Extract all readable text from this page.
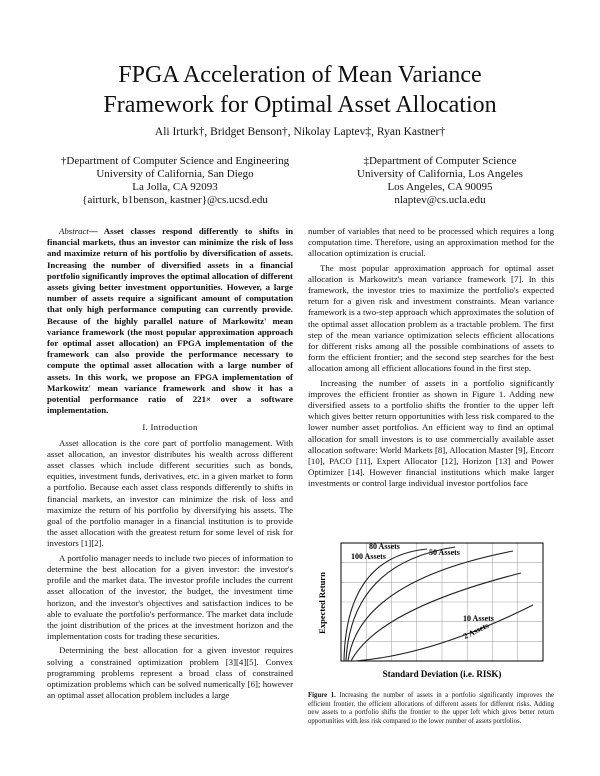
FPGA Acceleration of Mean Variance
Framework for Optimal Asset Allocation
Ali Irturk†, Bridget Benson†, Nikolay Laptev‡, Ryan Kastner†
†Department of Computer Science and Engineering
University of California, San Diego
La Jolla, CA 92093
{airturk, b1benson, kastner}@cs.ucsd.edu
‡Department of Computer Science
University of California, Los Angeles
Los Angeles, CA 90095
nlaptev@cs.ucla.edu

Abstract— Asset classes respond differently to shifts in financial markets, thus an investor can minimize the risk of loss and maximize return of his portfolio by diversification of assets. Increasing the number of diversified assets in a financial portfolio significantly improves the optimal allocation of different assets giving better investment opportunities. However, a large number of assets require a significant amount of computation that only high performance computing can currently provide. Because of the highly parallel nature of Markowitz' mean variance framework (the most popular approximation approach for optimal asset allocation) an FPGA implementation of the framework can also provide the performance necessary to compute the optimal asset allocation with a large number of assets. In this work, we propose an FPGA implementation of Markowitz' mean variance framework and show it has a potential performance ratio of 221× over a software implementation.

I. Introduction

Asset allocation is the core part of portfolio management. With asset allocation, an investor distributes his wealth across different asset classes which include different securities such as bonds, equities, investment funds, derivatives, etc. in a given market to form a portfolio. Because each asset class responds differently to shifts in financial markets, an investor can minimize the risk of loss and maximize the return of his portfolio by diversifying his assets. The goal of the portfolio manager in a financial institution is to provide the asset allocation with the greatest return for some level of risk for investors [1][2].

A portfolio manager needs to include two pieces of information to determine the best allocation for a given investor: the investor's profile and the market data. The investor profile includes the current asset allocation of the investor, the budget, the investment time horizon, and the investor's objectives and satisfaction indices to be able to evaluate the portfolio's performance. The market data include the joint distribution of the prices at the investment horizon and the implementation costs for trading these securities.

Determining the best allocation for a given investor requires solving a constrained optimization problem [3][4][5]. Convex programming problems represent a broad class of constrained optimization problems which can be solved numerically [6]; however an optimal asset allocation problem includes a large

number of variables that need to be processed which requires a long computation time. Therefore, using an approximation method for the allocation optimization is crucial.

The most popular approximation approach for optimal asset allocation is Markowitz's mean variance framework [7]. In this framework, the investor tries to maximize the portfolio's expected return for a given risk and investment constraints. Mean variance framework is a two-step approach which approximates the solution of the optimal asset allocation problem as a tractable problem. The first step of the mean variance optimization selects efficient allocations for different risks among all the possible combinations of assets to form the efficient frontier; and the second step searches for the best allocation among all efficient allocations found in the first step.

Increasing the number of assets in a portfolio significantly improves the efficient frontier as shown in Figure 1. Adding new diversified assets to a portfolio shifts the frontier to the upper left which gives better return opportunities with less risk compared to the lower number asset portfolios. An efficient way to find an optimal allocation for small investors is to use commercially available asset allocation software: World Markets [8], Allocation Master [9], Encorr [10], PACO [11], Expert Allocator [12], Horizon [13] and Power Optimizer [14]. However financial institutions which make larger investments or control large individual investor portfolios face

2 Assets
10 Assets
50 Assets
80 Assets
100 Assets
Expected Return
Standard Deviation (i.e. RISK)
Figure 1. Increasing the number of assets in a portfolio significantly improves the efficient frontier, the efficient allocations of different assets for different risks. Adding new assets to a portfolio shifts the frontier to the upper left which gives better return opportunities with less risk compared to the lower number of assets portfolios.
